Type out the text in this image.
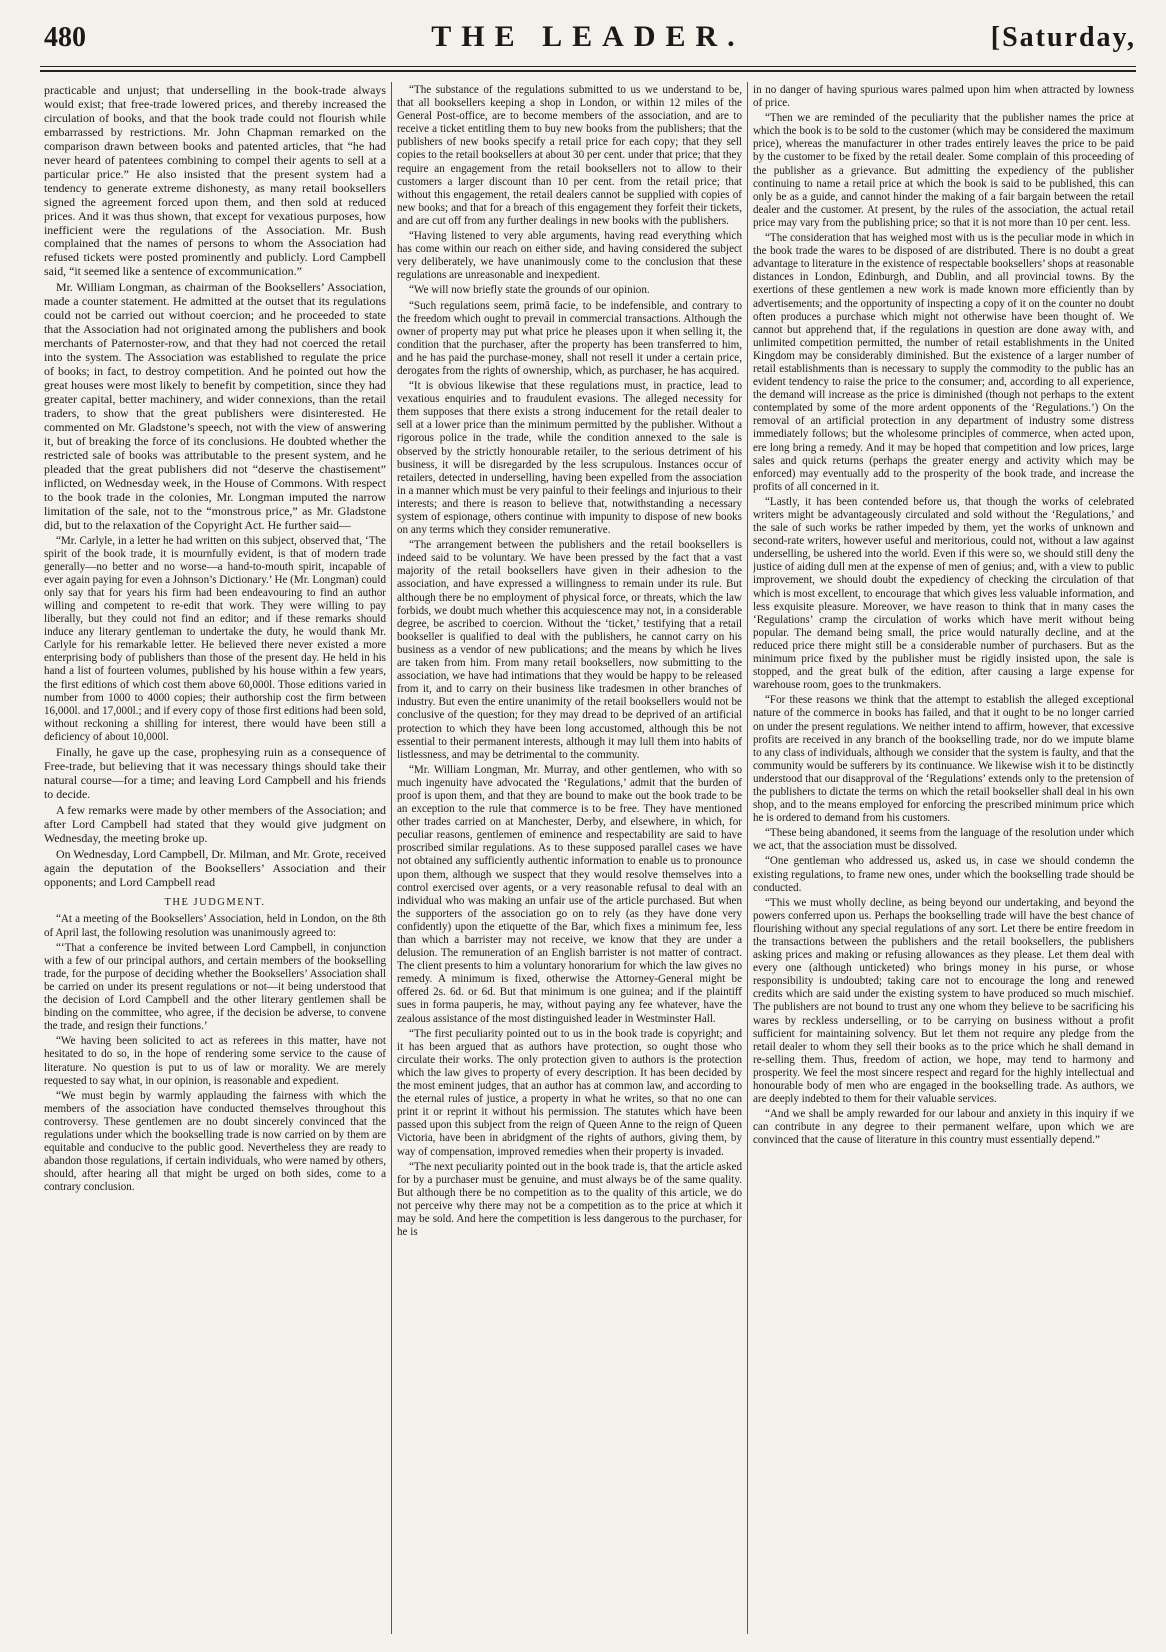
480	THE LEADER.	[Saturday,

practicable and unjust; that underselling in the book-trade always would exist; that free-trade lowered prices, and thereby increased the circulation of books, and that the book trade could not flourish while embarrassed by restrictions. Mr. John Chapman remarked on the comparison drawn between books and patented articles, that “he had never heard of patentees combining to compel their agents to sell at a particular price.” He also insisted that the present system had a tendency to generate extreme dishonesty, as many retail booksellers signed the agreement forced upon them, and then sold at reduced prices. And it was thus shown, that except for vexatious purposes, how inefficient were the regulations of the Association. Mr. Bush complained that the names of persons to whom the Association had refused tickets were posted prominently and publicly. Lord Campbell said, “it seemed like a sentence of excommunication.”

Mr. William Longman, as chairman of the Booksellers’ Association, made a counter statement. He admitted at the outset that its regulations could not be carried out without coercion; and he proceeded to state that the Association had not originated among the publishers and book merchants of Paternoster-row, and that they had not coerced the retail into the system. The Association was established to regulate the price of books; in fact, to destroy competition. And he pointed out how the great houses were most likely to benefit by competition, since they had greater capital, better machinery, and wider connexions, than the retail traders, to show that the great publishers were disinterested. He commented on Mr. Gladstone’s speech, not with the view of answering it, but of breaking the force of its conclusions. He doubted whether the restricted sale of books was attributable to the present system, and he pleaded that the great publishers did not “deserve the chastisement” inflicted, on Wednesday week, in the House of Commons. With respect to the book trade in the colonies, Mr. Longman imputed the narrow limitation of the sale, not to the “monstrous price,” as Mr. Gladstone did, but to the relaxation of the Copyright Act. He further said—

“Mr. Carlyle, in a letter he had written on this subject, observed that, ‘The spirit of the book trade, it is mournfully evident, is that of modern trade generally—no better and no worse—a hand-to-mouth spirit, incapable of ever again paying for even a Johnson’s Dictionary.’ He (Mr. Longman) could only say that for years his firm had been endeavouring to find an author willing and competent to re-edit that work. They were willing to pay liberally, but they could not find an editor; and if these remarks should induce any literary gentleman to undertake the duty, he would thank Mr. Carlyle for his remarkable letter. He believed there never existed a more enterprising body of publishers than those of the present day. He held in his hand a list of fourteen volumes, published by his house within a few years, the first editions of which cost them above 60,000l. Those editions varied in number from 1000 to 4000 copies; their authorship cost the firm between 16,000l. and 17,000l.; and if every copy of those first editions had been sold, without reckoning a shilling for interest, there would have been still a deficiency of about 10,000l.

Finally, he gave up the case, prophesying ruin as a consequence of Free-trade, but believing that it was necessary things should take their natural course—for a time; and leaving Lord Campbell and his friends to decide.

A few remarks were made by other members of the Association; and after Lord Campbell had stated that they would give judgment on Wednesday, the meeting broke up.

On Wednesday, Lord Campbell, Dr. Milman, and Mr. Grote, received again the deputation of the Booksellers’ Association and their opponents; and Lord Campbell read

THE JUDGMENT.

“At a meeting of the Booksellers’ Association, held in London, on the 8th of April last, the following resolution was unanimously agreed to:

“‘That a conference be invited between Lord Campbell, in conjunction with a few of our principal authors, and certain members of the bookselling trade, for the purpose of deciding whether the Booksellers’ Association shall be carried on under its present regulations or not—it being understood that the decision of Lord Campbell and the other literary gentlemen shall be binding on the committee, who agree, if the decision be adverse, to convene the trade, and resign their functions.’

“We having been solicited to act as referees in this matter, have not hesitated to do so, in the hope of rendering some service to the cause of literature. No question is put to us of law or morality. We are merely requested to say what, in our opinion, is reasonable and expedient.

“We must begin by warmly applauding the fairness with which the members of the association have conducted themselves throughout this controversy. These gentlemen are no doubt sincerely convinced that the regulations under which the bookselling trade is now carried on by them are equitable and conducive to the public good. Nevertheless they are ready to abandon those regulations, if certain individuals, who were named by others, should, after hearing all that might be urged on both sides, come to a contrary conclusion.

“The substance of the regulations submitted to us we understand to be, that all booksellers keeping a shop in London, or within 12 miles of the General Post-office, are to become members of the association, and are to receive a ticket entitling them to buy new books from the publishers; that the publishers of new books specify a retail price for each copy; that they sell copies to the retail booksellers at about 30 per cent. under that price; that they require an engagement from the retail booksellers not to allow to their customers a larger discount than 10 per cent. from the retail price; that without this engagement, the retail dealers cannot be supplied with copies of new books; and that for a breach of this engagement they forfeit their tickets, and are cut off from any further dealings in new books with the publishers.

“Having listened to very able arguments, having read everything which has come within our reach on either side, and having considered the subject very deliberately, we have unanimously come to the conclusion that these regulations are unreasonable and inexpedient.

“We will now briefly state the grounds of our opinion.

“Such regulations seem, primâ facie, to be indefensible, and contrary to the freedom which ought to prevail in commercial transactions. Although the owner of property may put what price he pleases upon it when selling it, the condition that the purchaser, after the property has been transferred to him, and he has paid the purchase-money, shall not resell it under a certain price, derogates from the rights of ownership, which, as purchaser, he has acquired.

“It is obvious likewise that these regulations must, in practice, lead to vexatious enquiries and to fraudulent evasions. The alleged necessity for them supposes that there exists a strong inducement for the retail dealer to sell at a lower price than the minimum permitted by the publisher. Without a rigorous police in the trade, while the condition annexed to the sale is observed by the strictly honourable retailer, to the serious detriment of his business, it will be disregarded by the less scrupulous. Instances occur of retailers, detected in underselling, having been expelled from the association in a manner which must be very painful to their feelings and injurious to their interests; and there is reason to believe that, notwithstanding a necessary system of espionage, others continue with impunity to dispose of new books on any terms which they consider remunerative.

“The arrangement between the publishers and the retail booksellers is indeed said to be voluntary. We have been pressed by the fact that a vast majority of the retail booksellers have given in their adhesion to the association, and have expressed a willingness to remain under its rule. But although there be no employment of physical force, or threats, which the law forbids, we doubt much whether this acquiescence may not, in a considerable degree, be ascribed to coercion. Without the ‘ticket,’ testifying that a retail bookseller is qualified to deal with the publishers, he cannot carry on his business as a vendor of new publications; and the means by which he lives are taken from him. From many retail booksellers, now submitting to the association, we have had intimations that they would be happy to be released from it, and to carry on their business like tradesmen in other branches of industry. But even the entire unanimity of the retail booksellers would not be conclusive of the question; for they may dread to be deprived of an artificial protection to which they have been long accustomed, although this be not essential to their permanent interests, although it may lull them into habits of listlessness, and may be detrimental to the community.

“Mr. William Longman, Mr. Murray, and other gentlemen, who with so much ingenuity have advocated the ‘Regulations,’ admit that the burden of proof is upon them, and that they are bound to make out the book trade to be an exception to the rule that commerce is to be free. They have mentioned other trades carried on at Manchester, Derby, and elsewhere, in which, for peculiar reasons, gentlemen of eminence and respectability are said to have proscribed similar regulations. As to these supposed parallel cases we have not obtained any sufficiently authentic information to enable us to pronounce upon them, although we suspect that they would resolve themselves into a control exercised over agents, or a very reasonable refusal to deal with an individual who was making an unfair use of the article purchased. But when the supporters of the association go on to rely (as they have done very confidently) upon the etiquette of the Bar, which fixes a minimum fee, less than which a barrister may not receive, we know that they are under a delusion. The remuneration of an English barrister is not matter of contract. The client presents to him a voluntary honorarium for which the law gives no remedy. A minimum is fixed, otherwise the Attorney-General might be offered 2s. 6d. or 6d. But that minimum is one guinea; and if the plaintiff sues in forma pauperis, he may, without paying any fee whatever, have the zealous assistance of the most distinguished leader in Westminster Hall.

“The first peculiarity pointed out to us in the book trade is copyright; and it has been argued that as authors have protection, so ought those who circulate their works. The only protection given to authors is the protection which the law gives to property of every description. It has been decided by the most eminent judges, that an author has at common law, and according to the eternal rules of justice, a property in what he writes, so that no one can print it or reprint it without his permission. The statutes which have been passed upon this subject from the reign of Queen Anne to the reign of Queen Victoria, have been in abridgment of the rights of authors, giving them, by way of compensation, improved remedies when their property is invaded.

“The next peculiarity pointed out in the book trade is, that the article asked for by a purchaser must be genuine, and must always be of the same quality. But although there be no competition as to the quality of this article, we do not perceive why there may not be a competition as to the price at which it may be sold. And here the competition is less dangerous to the purchaser, for he is

in no danger of having spurious wares palmed upon him when attracted by lowness of price.

“Then we are reminded of the peculiarity that the publisher names the price at which the book is to be sold to the customer (which may be considered the maximum price), whereas the manufacturer in other trades entirely leaves the price to be paid by the customer to be fixed by the retail dealer. Some complain of this proceeding of the publisher as a grievance. But admitting the expediency of the publisher continuing to name a retail price at which the book is said to be published, this can only be as a guide, and cannot hinder the making of a fair bargain between the retail dealer and the customer. At present, by the rules of the association, the actual retail price may vary from the publishing price; so that it is not more than 10 per cent. less.

“The consideration that has weighed most with us is the peculiar mode in which in the book trade the wares to be disposed of are distributed. There is no doubt a great advantage to literature in the existence of respectable booksellers’ shops at reasonable distances in London, Edinburgh, and Dublin, and all provincial towns. By the exertions of these gentlemen a new work is made known more efficiently than by advertisements; and the opportunity of inspecting a copy of it on the counter no doubt often produces a purchase which might not otherwise have been thought of. We cannot but apprehend that, if the regulations in question are done away with, and unlimited competition permitted, the number of retail establishments in the United Kingdom may be considerably diminished. But the existence of a larger number of retail establishments than is necessary to supply the commodity to the public has an evident tendency to raise the price to the consumer; and, according to all experience, the demand will increase as the price is diminished (though not perhaps to the extent contemplated by some of the more ardent opponents of the ‘Regulations.’) On the removal of an artificial protection in any department of industry some distress immediately follows; but the wholesome principles of commerce, when acted upon, ere long bring a remedy. And it may be hoped that competition and low prices, large sales and quick returns (perhaps the greater energy and activity which may be enforced) may eventually add to the prosperity of the book trade, and increase the profits of all concerned in it.

“Lastly, it has been contended before us, that though the works of celebrated writers might be advantageously circulated and sold without the ‘Regulations,’ and the sale of such works be rather impeded by them, yet the works of unknown and second-rate writers, however useful and meritorious, could not, without a law against underselling, be ushered into the world. Even if this were so, we should still deny the justice of aiding dull men at the expense of men of genius; and, with a view to public improvement, we should doubt the expediency of checking the circulation of that which is most excellent, to encourage that which gives less valuable information, and less exquisite pleasure. Moreover, we have reason to think that in many cases the ‘Regulations’ cramp the circulation of works which have merit without being popular. The demand being small, the price would naturally decline, and at the reduced price there might still be a considerable number of purchasers. But as the minimum price fixed by the publisher must be rigidly insisted upon, the sale is stopped, and the great bulk of the edition, after causing a large expense for warehouse room, goes to the trunkmakers.

“For these reasons we think that the attempt to establish the alleged exceptional nature of the commerce in books has failed, and that it ought to be no longer carried on under the present regulations. We neither intend to affirm, however, that excessive profits are received in any branch of the bookselling trade, nor do we impute blame to any class of individuals, although we consider that the system is faulty, and that the community would be sufferers by its continuance. We likewise wish it to be distinctly understood that our disapproval of the ‘Regulations’ extends only to the pretension of the publishers to dictate the terms on which the retail bookseller shall deal in his own shop, and to the means employed for enforcing the prescribed minimum price which he is ordered to demand from his customers.

“These being abandoned, it seems from the language of the resolution under which we act, that the association must be dissolved.

“One gentleman who addressed us, asked us, in case we should condemn the existing regulations, to frame new ones, under which the bookselling trade should be conducted.

“This we must wholly decline, as being beyond our undertaking, and beyond the powers conferred upon us. Perhaps the bookselling trade will have the best chance of flourishing without any special regulations of any sort. Let there be entire freedom in the transactions between the publishers and the retail booksellers, the publishers asking prices and making or refusing allowances as they please. Let them deal with every one (although unticketed) who brings money in his purse, or whose responsibility is undoubted; taking care not to encourage the long and renewed credits which are said under the existing system to have produced so much mischief. The publishers are not bound to trust any one whom they believe to be sacrificing his wares by reckless underselling, or to be carrying on business without a profit sufficient for maintaining solvency. But let them not require any pledge from the retail dealer to whom they sell their books as to the price which he shall demand in re-selling them. Thus, freedom of action, we hope, may tend to harmony and prosperity. We feel the most sincere respect and regard for the highly intellectual and honourable body of men who are engaged in the bookselling trade. As authors, we are deeply indebted to them for their valuable services.

“And we shall be amply rewarded for our labour and anxiety in this inquiry if we can contribute in any degree to their permanent welfare, upon which we are convinced that the cause of literature in this country must essentially depend.”
